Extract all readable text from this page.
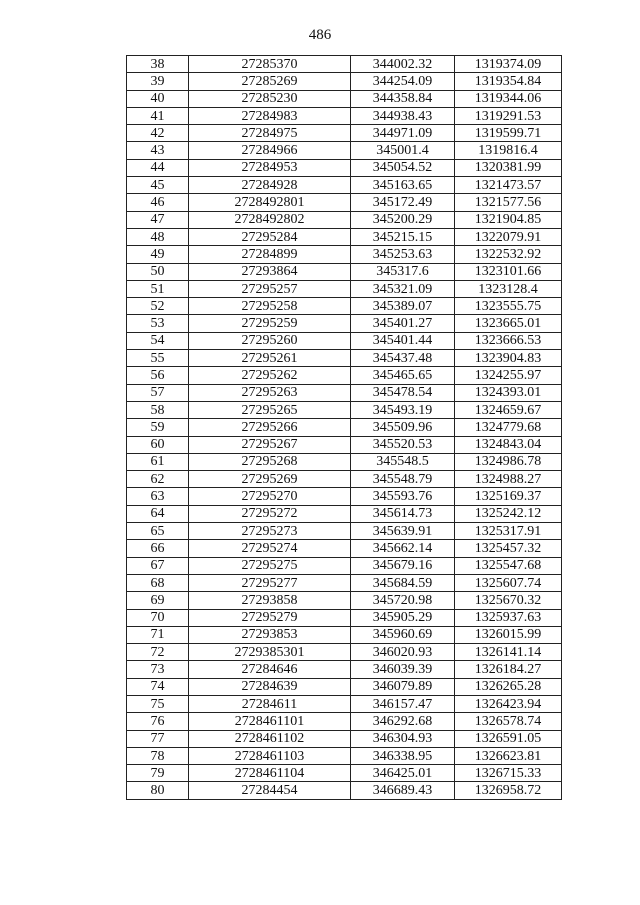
486
38	27285370	344002.32	1319374.09
39	27285269	344254.09	1319354.84
40	27285230	344358.84	1319344.06
41	27284983	344938.43	1319291.53
42	27284975	344971.09	1319599.71
43	27284966	345001.4	1319816.4
44	27284953	345054.52	1320381.99
45	27284928	345163.65	1321473.57
46	2728492801	345172.49	1321577.56
47	2728492802	345200.29	1321904.85
48	27295284	345215.15	1322079.91
49	27284899	345253.63	1322532.92
50	27293864	345317.6	1323101.66
51	27295257	345321.09	1323128.4
52	27295258	345389.07	1323555.75
53	27295259	345401.27	1323665.01
54	27295260	345401.44	1323666.53
55	27295261	345437.48	1323904.83
56	27295262	345465.65	1324255.97
57	27295263	345478.54	1324393.01
58	27295265	345493.19	1324659.67
59	27295266	345509.96	1324779.68
60	27295267	345520.53	1324843.04
61	27295268	345548.5	1324986.78
62	27295269	345548.79	1324988.27
63	27295270	345593.76	1325169.37
64	27295272	345614.73	1325242.12
65	27295273	345639.91	1325317.91
66	27295274	345662.14	1325457.32
67	27295275	345679.16	1325547.68
68	27295277	345684.59	1325607.74
69	27293858	345720.98	1325670.32
70	27295279	345905.29	1325937.63
71	27293853	345960.69	1326015.99
72	2729385301	346020.93	1326141.14
73	27284646	346039.39	1326184.27
74	27284639	346079.89	1326265.28
75	27284611	346157.47	1326423.94
76	2728461101	346292.68	1326578.74
77	2728461102	346304.93	1326591.05
78	2728461103	346338.95	1326623.81
79	2728461104	346425.01	1326715.33
80	27284454	346689.43	1326958.72
